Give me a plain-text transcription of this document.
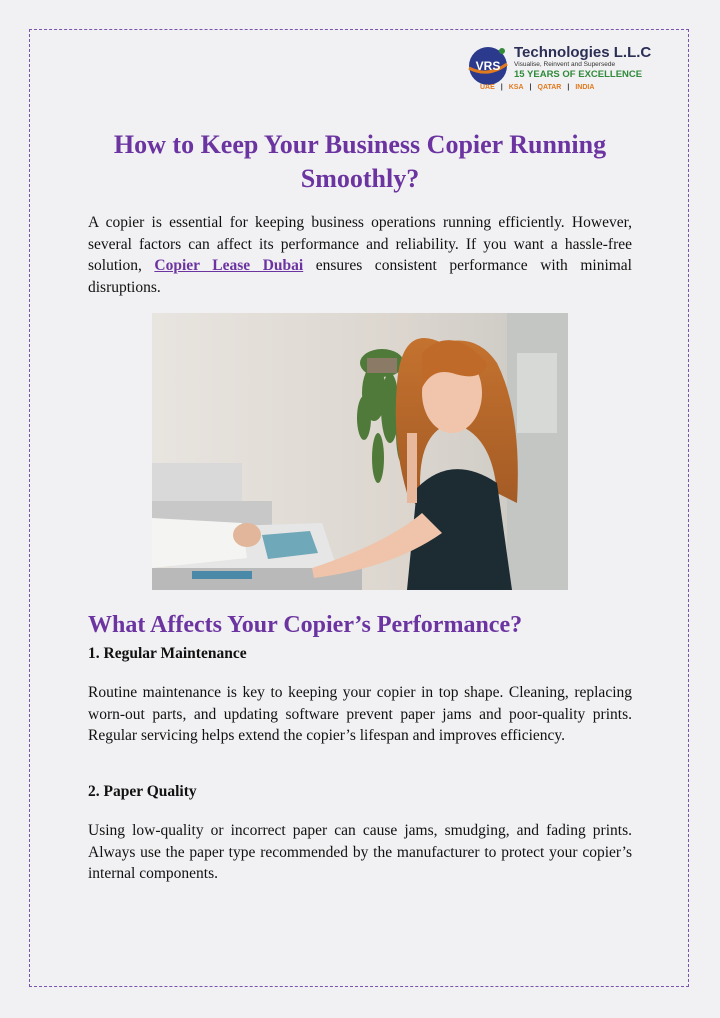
VRS
Technologies L.L.C
Visualise, Reinvent and Supersede
15 YEARS OF EXCELLENCE
UAE | KSA | QATAR | INDIA
How to Keep Your Business Copier Running Smoothly?

A copier is essential for keeping business operations running efficiently. However, several factors can affect its performance and reliability. If you want a hassle-free solution, Copier Lease Dubai ensures consistent performance with minimal disruptions.

What Affects Your Copier’s Performance?
1. Regular Maintenance

Routine maintenance is key to keeping your copier in top shape. Cleaning, replacing worn-out parts, and updating software prevent paper jams and poor-quality prints. Regular servicing helps extend the copier’s lifespan and improves efficiency.

2. Paper Quality

Using low-quality or incorrect paper can cause jams, smudging, and fading prints. Always use the paper type recommended by the manufacturer to protect your copier’s internal components.
